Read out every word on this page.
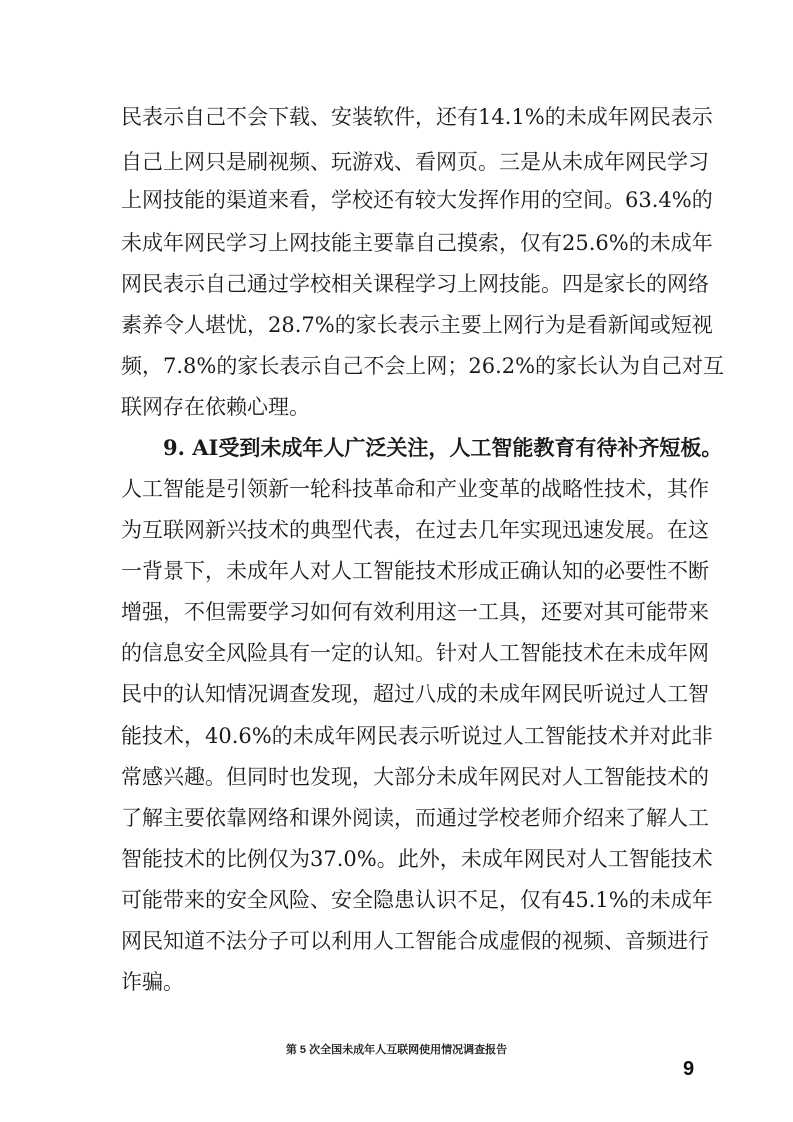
民表示自己不会下载、安装软件，还有14.1%的未成年网民表示
自己上网只是刷视频、玩游戏、看网页。三是从未成年网民学习
上网技能的渠道来看，学校还有较大发挥作用的空间。63.4%的
未成年网民学习上网技能主要靠自己摸索，仅有25.6%的未成年
网民表示自己通过学校相关课程学习上网技能。四是家长的网络
素养令人堪忧，28.7%的家长表示主要上网行为是看新闻或短视
频，7.8%的家长表示自己不会上网；26.2%的家长认为自己对互
联网存在依赖心理。
9. AI受到未成年人广泛关注，人工智能教育有待补齐短板。
人工智能是引领新一轮科技革命和产业变革的战略性技术，其作
为互联网新兴技术的典型代表，在过去几年实现迅速发展。在这
一背景下，未成年人对人工智能技术形成正确认知的必要性不断
增强，不但需要学习如何有效利用这一工具，还要对其可能带来
的信息安全风险具有一定的认知。针对人工智能技术在未成年网
民中的认知情况调查发现，超过八成的未成年网民听说过人工智
能技术，40.6%的未成年网民表示听说过人工智能技术并对此非
常感兴趣。但同时也发现，大部分未成年网民对人工智能技术的
了解主要依靠网络和课外阅读，而通过学校老师介绍来了解人工
智能技术的比例仅为37.0%。此外，未成年网民对人工智能技术
可能带来的安全风险、安全隐患认识不足，仅有45.1%的未成年
网民知道不法分子可以利用人工智能合成虚假的视频、音频进行
诈骗。
第 5 次全国未成年人互联网使用情况调查报告
9
